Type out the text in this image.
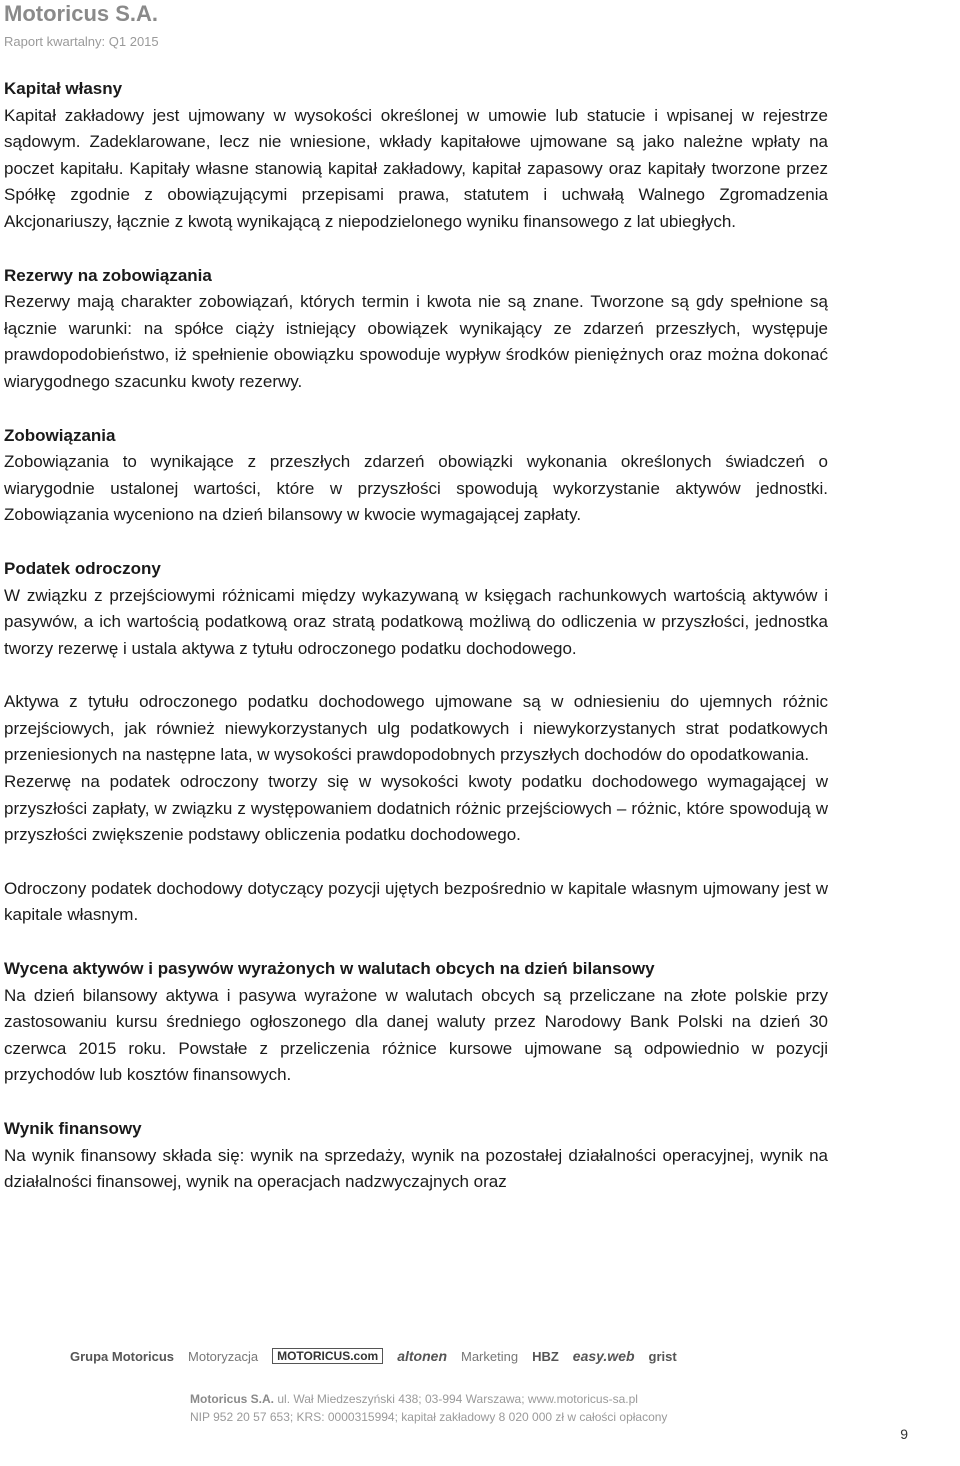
Motoricus S.A.
Raport kwartalny: Q1 2015

Kapitał własny

Kapitał zakładowy jest ujmowany w wysokości określonej w umowie lub statucie i wpisanej w rejestrze sądowym. Zadeklarowane, lecz nie wniesione, wkłady kapitałowe ujmowane są jako należne wpłaty na poczet kapitału. Kapitały własne stanowią kapitał zakładowy, kapitał zapasowy oraz kapitały tworzone przez Spółkę zgodnie z obowiązującymi przepisami prawa, statutem i uchwałą Walnego Zgromadzenia Akcjonariuszy, łącznie z kwotą wynikającą z niepodzielonego wyniku finansowego z lat ubiegłych.

Rezerwy na zobowiązania

Rezerwy mają charakter zobowiązań, których termin i kwota nie są znane. Tworzone są gdy spełnione są łącznie warunki: na spółce ciąży istniejący obowiązek wynikający ze zdarzeń przeszłych, występuje prawdopodobieństwo, iż spełnienie obowiązku spowoduje wypływ środków pieniężnych oraz można dokonać wiarygodnego szacunku kwoty rezerwy.

Zobowiązania

Zobowiązania to wynikające z przeszłych zdarzeń obowiązki wykonania określonych świadczeń o wiarygodnie ustalonej wartości, które w przyszłości spowodują wykorzystanie aktywów jednostki. Zobowiązania wyceniono na dzień bilansowy w kwocie wymagającej zapłaty.

Podatek odroczony

W związku z przejściowymi różnicami między wykazywaną w księgach rachunkowych wartością aktywów i pasywów, a ich wartością podatkową oraz stratą podatkową możliwą do odliczenia w przyszłości, jednostka tworzy rezerwę i ustala aktywa z tytułu odroczonego podatku dochodowego.

Aktywa z tytułu odroczonego podatku dochodowego ujmowane są w odniesieniu do ujemnych różnic przejściowych, jak również niewykorzystanych ulg podatkowych i niewykorzystanych strat podatkowych przeniesionych na następne lata, w wysokości prawdopodobnych przyszłych dochodów do opodatkowania.

Rezerwę na podatek odroczony tworzy się w wysokości kwoty podatku dochodowego wymagającej w przyszłości zapłaty, w związku z występowaniem dodatnich różnic przejściowych – różnic, które spowodują w przyszłości zwiększenie podstawy obliczenia podatku dochodowego.

Odroczony podatek dochodowy dotyczący pozycji ujętych bezpośrednio w kapitale własnym ujmowany jest w kapitale własnym.

Wycena aktywów i pasywów wyrażonych w walutach obcych na dzień bilansowy

Na dzień bilansowy aktywa i pasywa wyrażone w walutach obcych są przeliczane na złote polskie przy zastosowaniu kursu średniego ogłoszonego dla danej waluty przez Narodowy Bank Polski na dzień 30 czerwca 2015 roku. Powstałe z przeliczenia różnice kursowe ujmowane są odpowiednio w pozycji przychodów lub kosztów finansowych.

Wynik finansowy

Na wynik finansowy składa się: wynik na sprzedaży, wynik na pozostałej działalności operacyjnej, wynik na działalności finansowej, wynik na operacjach nadzwyczajnych oraz

Grupa Motoricus Motoryzacja	MOTORICUS.com	altonen Marketing HBZ easy.web grist
Motoricus S.A. ul. Wał Miedzeszyński 438; 03-994 Warszawa; www.motoricus-sa.pl
NIP 952 20 57 653; KRS: 0000315994; kapitał zakładowy 8 020 000 zł w całości opłacony
9
